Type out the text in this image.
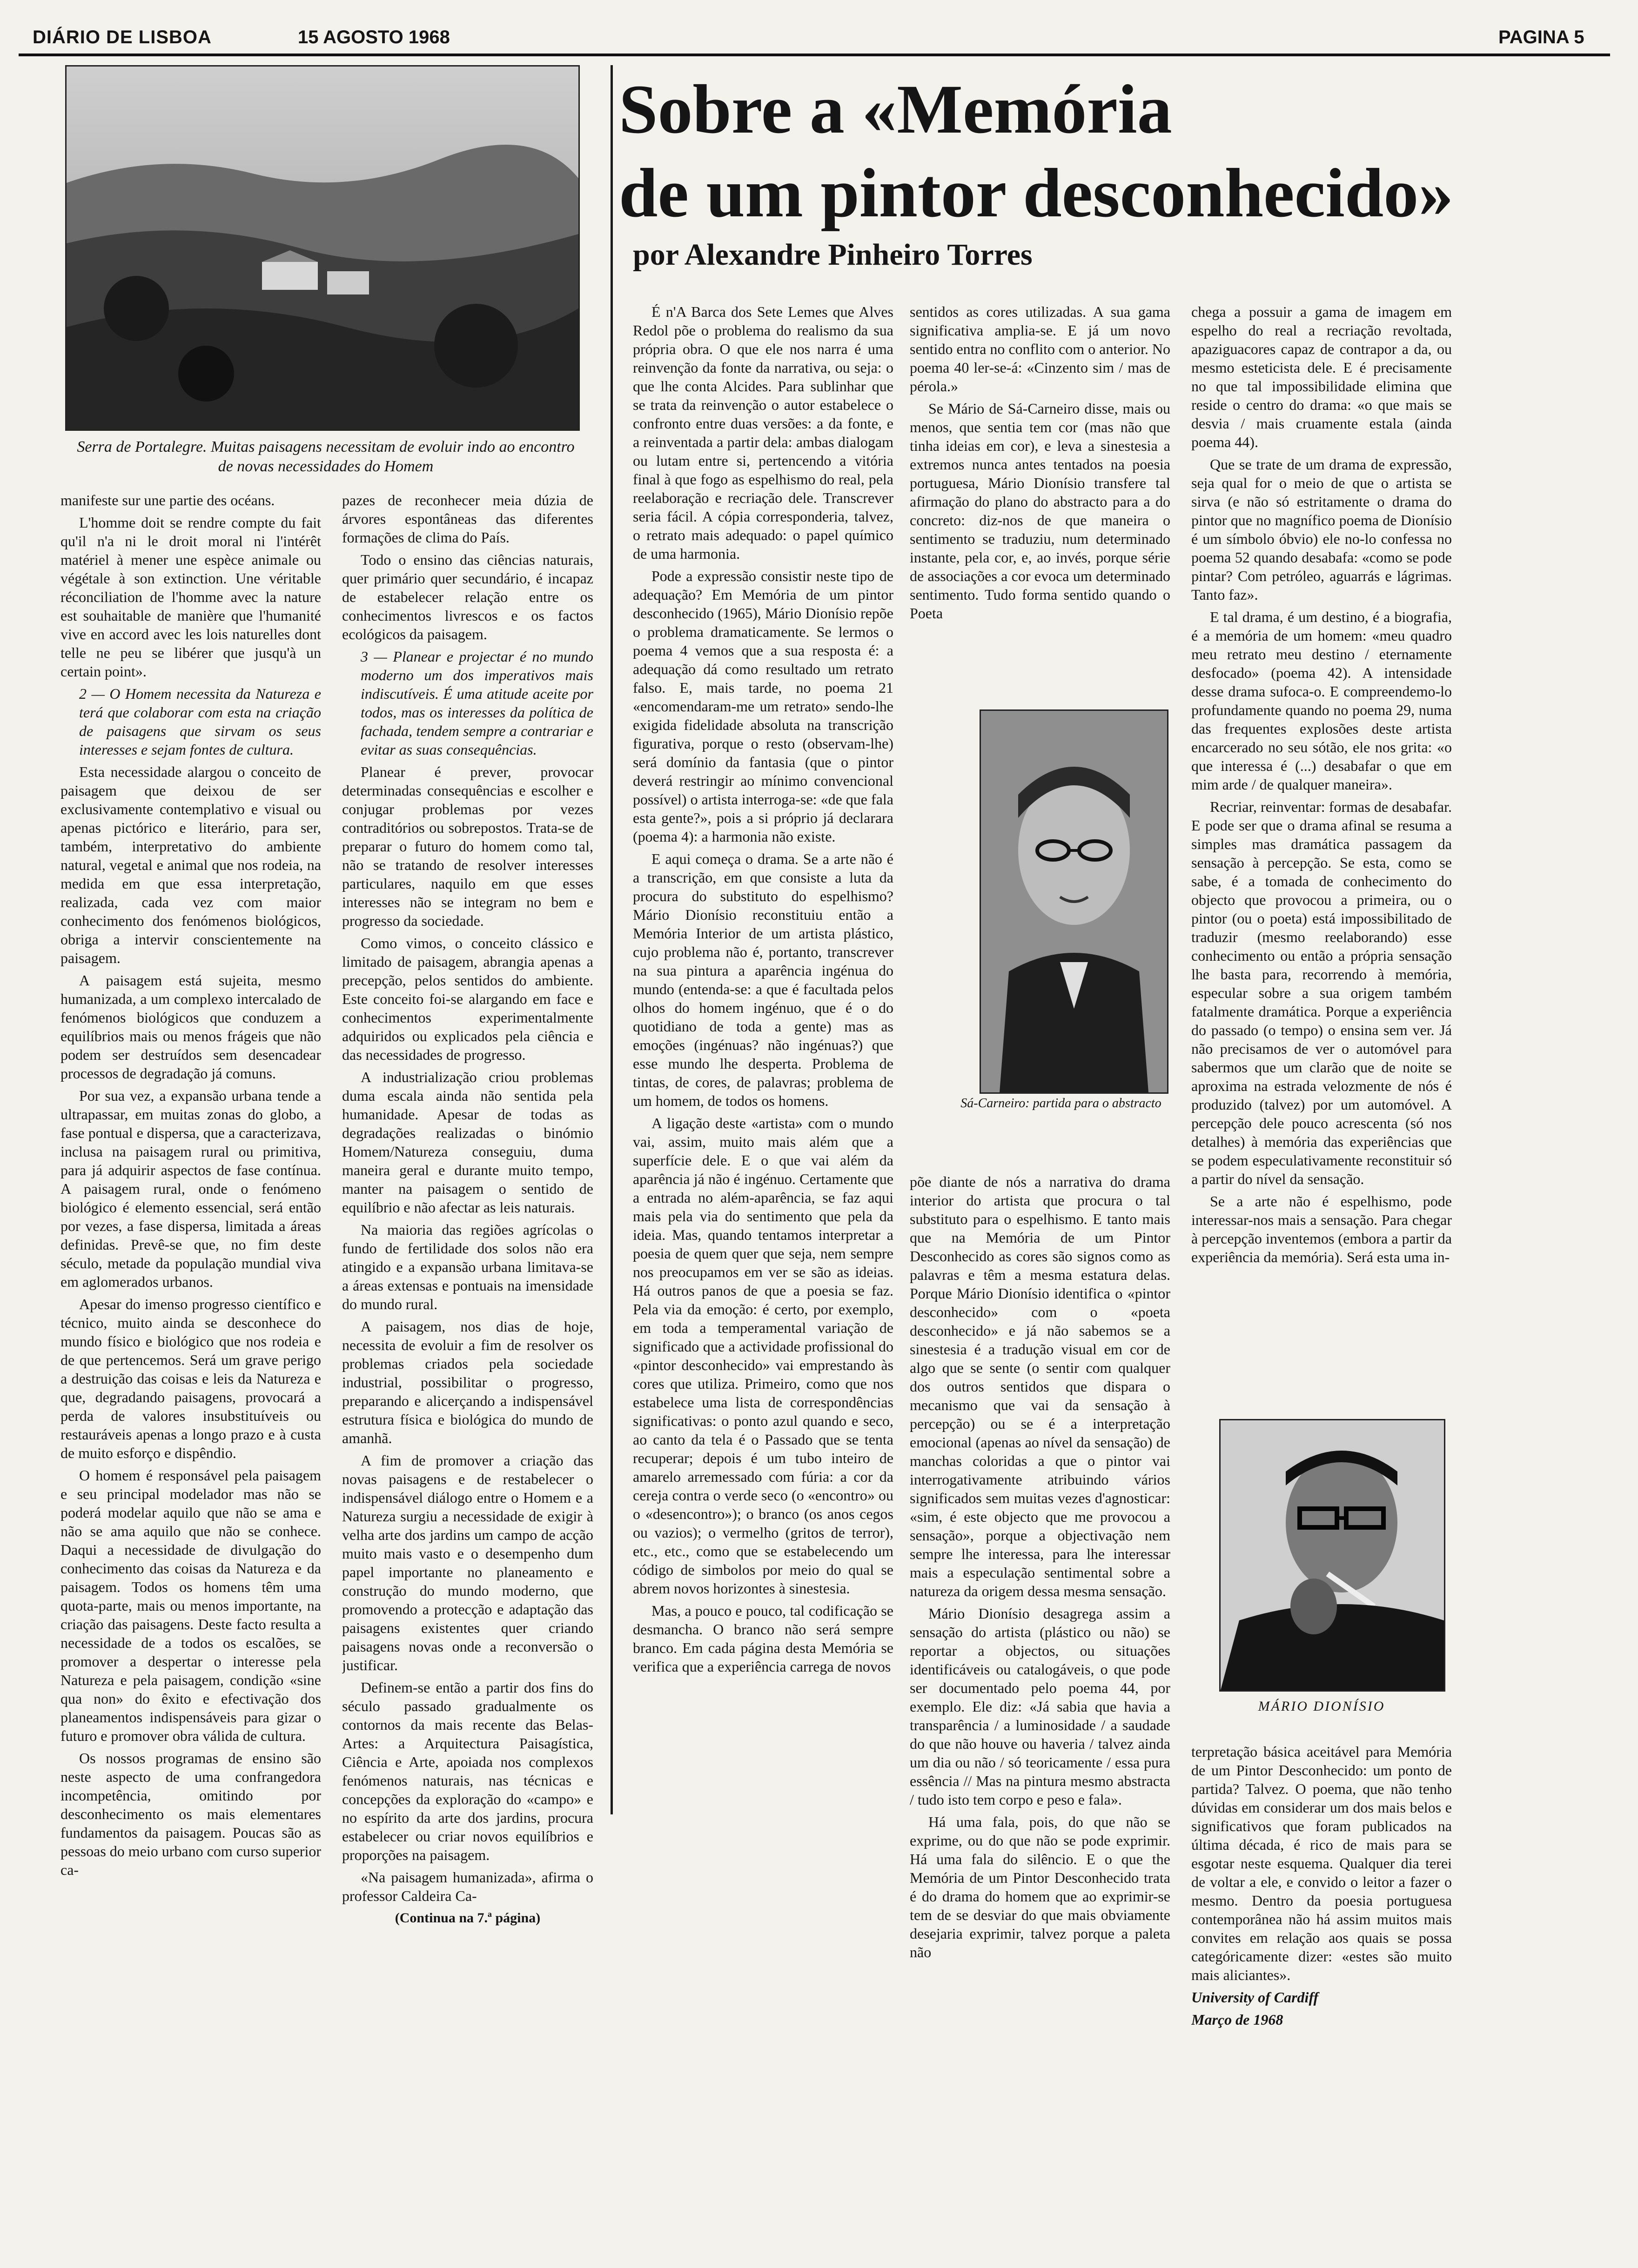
DIÁRIO DE LISBOA	15 AGOSTO 1968	PAGINA 5
Serra de Portalegre. Muitas paisagens necessitam de evoluir indo ao encontro de novas necessidades do Homem
Sobre a «Memória
de um pintor desconhecido»
por Alexandre Pinheiro Torres

manifeste sur une partie des océans.

L'homme doit se rendre compte du fait qu'il n'a ni le droit moral ni l'intérêt matériel à mener une espèce animale ou végétale à son extinction. Une véritable réconciliation de l'homme avec la nature est souhaitable de manière que l'humanité vive en accord avec les lois naturelles dont telle ne peu se libérer que jusqu'à un certain point».

2 — O Homem necessita da Natureza e terá que colaborar com esta na criação de paisagens que sirvam os seus interesses e sejam fontes de cultura.

Esta necessidade alargou o conceito de paisagem que deixou de ser exclusivamente contemplativo e visual ou apenas pictórico e literário, para ser, também, interpretativo do ambiente natural, vegetal e animal que nos rodeia, na medida em que essa interpretação, realizada, cada vez com maior conhecimento dos fenómenos biológicos, obriga a intervir conscientemente na paisagem.

A paisagem está sujeita, mesmo humanizada, a um complexo intercalado de fenómenos biológicos que conduzem a equilíbrios mais ou menos frágeis que não podem ser destruídos sem desencadear processos de degradação já comuns.

Por sua vez, a expansão urbana tende a ultrapassar, em muitas zonas do globo, a fase pontual e dispersa, que a caracterizava, inclusa na paisagem rural ou primitiva, para já adquirir aspectos de fase contínua. A paisagem rural, onde o fenómeno biológico é elemento essencial, será então por vezes, a fase dispersa, limitada a áreas definidas. Prevê-se que, no fim deste século, metade da população mundial viva em aglomerados urbanos.

Apesar do imenso progresso científico e técnico, muito ainda se desconhece do mundo físico e biológico que nos rodeia e de que pertencemos. Será um grave perigo a destruição das coisas e leis da Natureza e que, degradando paisagens, provocará a perda de valores insubstituíveis ou restauráveis apenas a longo prazo e à custa de muito esforço e dispêndio.

O homem é responsável pela paisagem e seu principal modelador mas não se poderá modelar aquilo que não se ama e não se ama aquilo que não se conhece. Daqui a necessidade de divulgação do conhecimento das coisas da Natureza e da paisagem. Todos os homens têm uma quota-parte, mais ou menos importante, na criação das paisagens. Deste facto resulta a necessidade de a todos os escalões, se promover a despertar o interesse pela Natureza e pela paisagem, condição «sine qua non» do êxito e efectivação dos planeamentos indispensáveis para gizar o futuro e promover obra válida de cultura.

Os nossos programas de ensino são neste aspecto de uma confrangedora incompetência, omitindo por desconhecimento os mais elementares fundamentos da paisagem. Poucas são as pessoas do meio urbano com curso superior ca-

pazes de reconhecer meia dúzia de árvores espontâneas das diferentes formações de clima do País.

Todo o ensino das ciências naturais, quer primário quer secundário, é incapaz de estabelecer relação entre os conhecimentos livrescos e os factos ecológicos da paisagem.

3 — Planear e projectar é no mundo moderno um dos imperativos mais indiscutíveis. É uma atitude aceite por todos, mas os interesses da política de fachada, tendem sempre a contrariar e evitar as suas consequências.

Planear é prever, provocar determinadas consequências e escolher e conjugar problemas por vezes contraditórios ou sobrepostos. Trata-se de preparar o futuro do homem como tal, não se tratando de resolver interesses particulares, naquilo em que esses interesses não se integram no bem e progresso da sociedade.

Como vimos, o conceito clássico e limitado de paisagem, abrangia apenas a precepção, pelos sentidos do ambiente. Este conceito foi-se alargando em face e conhecimentos experimentalmente adquiridos ou explicados pela ciência e das necessidades de progresso.

A industrialização criou problemas duma escala ainda não sentida pela humanidade. Apesar de todas as degradações realizadas o binómio Homem/Natureza conseguiu, duma maneira geral e durante muito tempo, manter na paisagem o sentido de equilíbrio e não afectar as leis naturais.

Na maioria das regiões agrícolas o fundo de fertilidade dos solos não era atingido e a expansão urbana limitava-se a áreas extensas e pontuais na imensidade do mundo rural.

A paisagem, nos dias de hoje, necessita de evoluir a fim de resolver os problemas criados pela sociedade industrial, possibilitar o progresso, preparando e alicerçando a indispensável estrutura física e biológica do mundo de amanhã.

A fim de promover a criação das novas paisagens e de restabelecer o indispensável diálogo entre o Homem e a Natureza surgiu a necessidade de exigir à velha arte dos jardins um campo de acção muito mais vasto e o desempenho dum papel importante no planeamento e construção do mundo moderno, que promovendo a protecção e adaptação das paisagens existentes quer criando paisagens novas onde a reconversão o justificar.

Definem-se então a partir dos fins do século passado gradualmente os contornos da mais recente das Belas-Artes: a Arquitectura Paisagística, Ciência e Arte, apoiada nos complexos fenómenos naturais, nas técnicas e concepções da exploração do «campo» e no espírito da arte dos jardins, procura estabelecer ou criar novos equilíbrios e proporções na paisagem.

«Na paisagem humanizada», afirma o professor Caldeira Ca-

(Continua na 7.ª página)

É n'A Barca dos Sete Lemes que Alves Redol põe o problema do realismo da sua própria obra. O que ele nos narra é uma reinvenção da fonte da narrativa, ou seja: o que lhe conta Alcides. Para sublinhar que se trata da reinvenção o autor estabelece o confronto entre duas versões: a da fonte, e a reinventada a partir dela: ambas dialogam ou lutam entre si, pertencendo a vitória final à que fogo as espelhismo do real, pela reelaboração e recriação dele. Transcrever seria fácil. A cópia corresponderia, talvez, o retrato mais adequado: o papel químico de uma harmonia.

Pode a expressão consistir neste tipo de adequação? Em Memória de um pintor desconhecido (1965), Mário Dionísio repõe o problema dramaticamente. Se lermos o poema 4 vemos que a sua resposta é: a adequação dá como resultado um retrato falso. E, mais tarde, no poema 21 «encomendaram-me um retrato» sendo-lhe exigida fidelidade absoluta na transcrição figurativa, porque o resto (observam-lhe) será domínio da fantasia (que o pintor deverá restringir ao mínimo convencional possível) o artista interroga-se: «de que fala esta gente?», pois a si próprio já declarara (poema 4): a harmonia não existe.

E aqui começa o drama. Se a arte não é a transcrição, em que consiste a luta da procura do substituto do espelhismo? Mário Dionísio reconstituiu então a Memória Interior de um artista plástico, cujo problema não é, portanto, transcrever na sua pintura a aparência ingénua do mundo (entenda-se: a que é facultada pelos olhos do homem ingénuo, que é o do quotidiano de toda a gente) mas as emoções (ingénuas? não ingénuas?) que esse mundo lhe desperta. Problema de tintas, de cores, de palavras; problema de um homem, de todos os homens.

A ligação deste «artista» com o mundo vai, assim, muito mais além que a superfície dele. E o que vai além da aparência já não é ingénuo. Certamente que a entrada no além-aparência, se faz aqui mais pela via do sentimento que pela da ideia. Mas, quando tentamos interpretar a poesia de quem quer que seja, nem sempre nos preocupamos em ver se são as ideias. Há outros panos de que a poesia se faz. Pela via da emoção: é certo, por exemplo, em toda a temperamental variação de significado que a actividade profissional do «pintor desconhecido» vai emprestando às cores que utiliza. Primeiro, como que nos estabelece uma lista de correspondências significativas: o ponto azul quando e seco, ao canto da tela é o Passado que se tenta recuperar; depois é um tubo inteiro de amarelo arremessado com fúria: a cor da cereja contra o verde seco (o «encontro» ou o «desencontro»); o branco (os anos cegos ou vazios); o vermelho (gritos de terror), etc., etc., como que se estabelecendo um código de simbolos por meio do qual se abrem novos horizontes à sinestesia.

Mas, a pouco e pouco, tal codificação se desmancha. O branco não será sempre branco. Em cada página desta Memória se verifica que a experiência carrega de novos

sentidos as cores utilizadas. A sua gama significativa amplia-se. E já um novo sentido entra no conflito com o anterior. No poema 40 ler-se-á: «Cinzento sim / mas de pérola.»

Se Mário de Sá-Carneiro disse, mais ou menos, que sentia tem cor (mas não que tinha ideias em cor), e leva a sinestesia a extremos nunca antes tentados na poesia portuguesa, Mário Dionísio transfere tal afirmação do plano do abstracto para a do concreto: diz-nos de que maneira o sentimento se traduziu, num determinado instante, pela cor, e, ao invés, porque série de associações a cor evoca um determinado sentimento. Tudo forma sentido quando o Poeta

Sá-Carneiro: partida para o abstracto

põe diante de nós a narrativa do drama interior do artista que procura o tal substituto para o espelhismo. E tanto mais que na Memória de um Pintor Desconhecido as cores são signos como as palavras e têm a mesma estatura delas. Porque Mário Dionísio identifica o «pintor desconhecido» com o «poeta desconhecido» e já não sabemos se a sinestesia é a tradução visual em cor de algo que se sente (o sentir com qualquer dos outros sentidos que dispara o mecanismo que vai da sensação à percepção) ou se é a interpretação emocional (apenas ao nível da sensação) de manchas coloridas a que o pintor vai interrogativamente atribuindo vários significados sem muitas vezes d'agnosticar: «sim, é este objecto que me provocou a sensação», porque a objectivação nem sempre lhe interessa, para lhe interessar mais a especulação sentimental sobre a natureza da origem dessa mesma sensação.

Mário Dionísio desagrega assim a sensação do artista (plástico ou não) se reportar a objectos, ou situações identificáveis ou catalogáveis, o que pode ser documentado pelo poema 44, por exemplo. Ele diz: «Já sabia que havia a transparência / a luminosidade / a saudade do que não houve ou haveria / talvez ainda um dia ou não / só teoricamente / essa pura essência // Mas na pintura mesmo abstracta / tudo isto tem corpo e peso e fala».

Há uma fala, pois, do que não se exprime, ou do que não se pode exprimir. Há uma fala do silêncio. E o que the Memória de um Pintor Desconhecido trata é do drama do homem que ao exprimir-se tem de se desviar do que mais obviamente desejaria exprimir, talvez porque a paleta não

chega a possuir a gama de imagem em espelho do real a recriação revoltada, apaziguacores capaz de contrapor a da, ou mesmo esteticista dele. E é precisamente no que tal impossibilidade elimina que reside o centro do drama: «o que mais se desvia / mais cruamente estala (ainda poema 44).

Que se trate de um drama de expressão, seja qual for o meio de que o artista se sirva (e não só estritamente o drama do pintor que no magnífico poema de Dionísio é um símbolo óbvio) ele no-lo confessa no poema 52 quando desabafa: «como se pode pintar? Com petróleo, aguarrás e lágrimas. Tanto faz».

E tal drama, é um destino, é a biografia, é a memória de um homem: «meu quadro meu retrato meu destino / eternamente desfocado» (poema 42). A intensidade desse drama sufoca-o. E compreendemo-lo profundamente quando no poema 29, numa das frequentes explosões deste artista encarcerado no seu sótão, ele nos grita: «o que interessa é (...) desabafar o que em mim arde / de qualquer maneira».

Recriar, reinventar: formas de desabafar. E pode ser que o drama afinal se resuma a simples mas dramática passagem da sensação à percepção. Se esta, como se sabe, é a tomada de conhecimento do objecto que provocou a primeira, ou o pintor (ou o poeta) está impossibilitado de traduzir (mesmo reelaborando) esse conhecimento ou então a própria sensação lhe basta para, recorrendo à memória, especular sobre a sua origem também fatalmente dramática. Porque a experiência do passado (o tempo) o ensina sem ver. Já não precisamos de ver o automóvel para sabermos que um clarão que de noite se aproxima na estrada velozmente de nós é produzido (talvez) por um automóvel. A percepção dele pouco acrescenta (só nos detalhes) à memória das experiências que se podem especulativamente reconstituir só a partir do nível da sensação.

Se a arte não é espelhismo, pode interessar-nos mais a sensação. Para chegar à percepção inventemos (embora a partir da experiência da memória). Será esta uma in-

MÁRIO DIONÍSIO

terpretação básica aceitável para Memória de um Pintor Desconhecido: um ponto de partida? Talvez. O poema, que não tenho dúvidas em considerar um dos mais belos e significativos que foram publicados na última década, é rico de mais para se esgotar neste esquema. Qualquer dia terei de voltar a ele, e convido o leitor a fazer o mesmo. Dentro da poesia portuguesa contemporânea não há assim muitos mais convites em relação aos quais se possa categóricamente dizer: «estes são muito mais aliciantes».

University of Cardiff

Março de 1968
